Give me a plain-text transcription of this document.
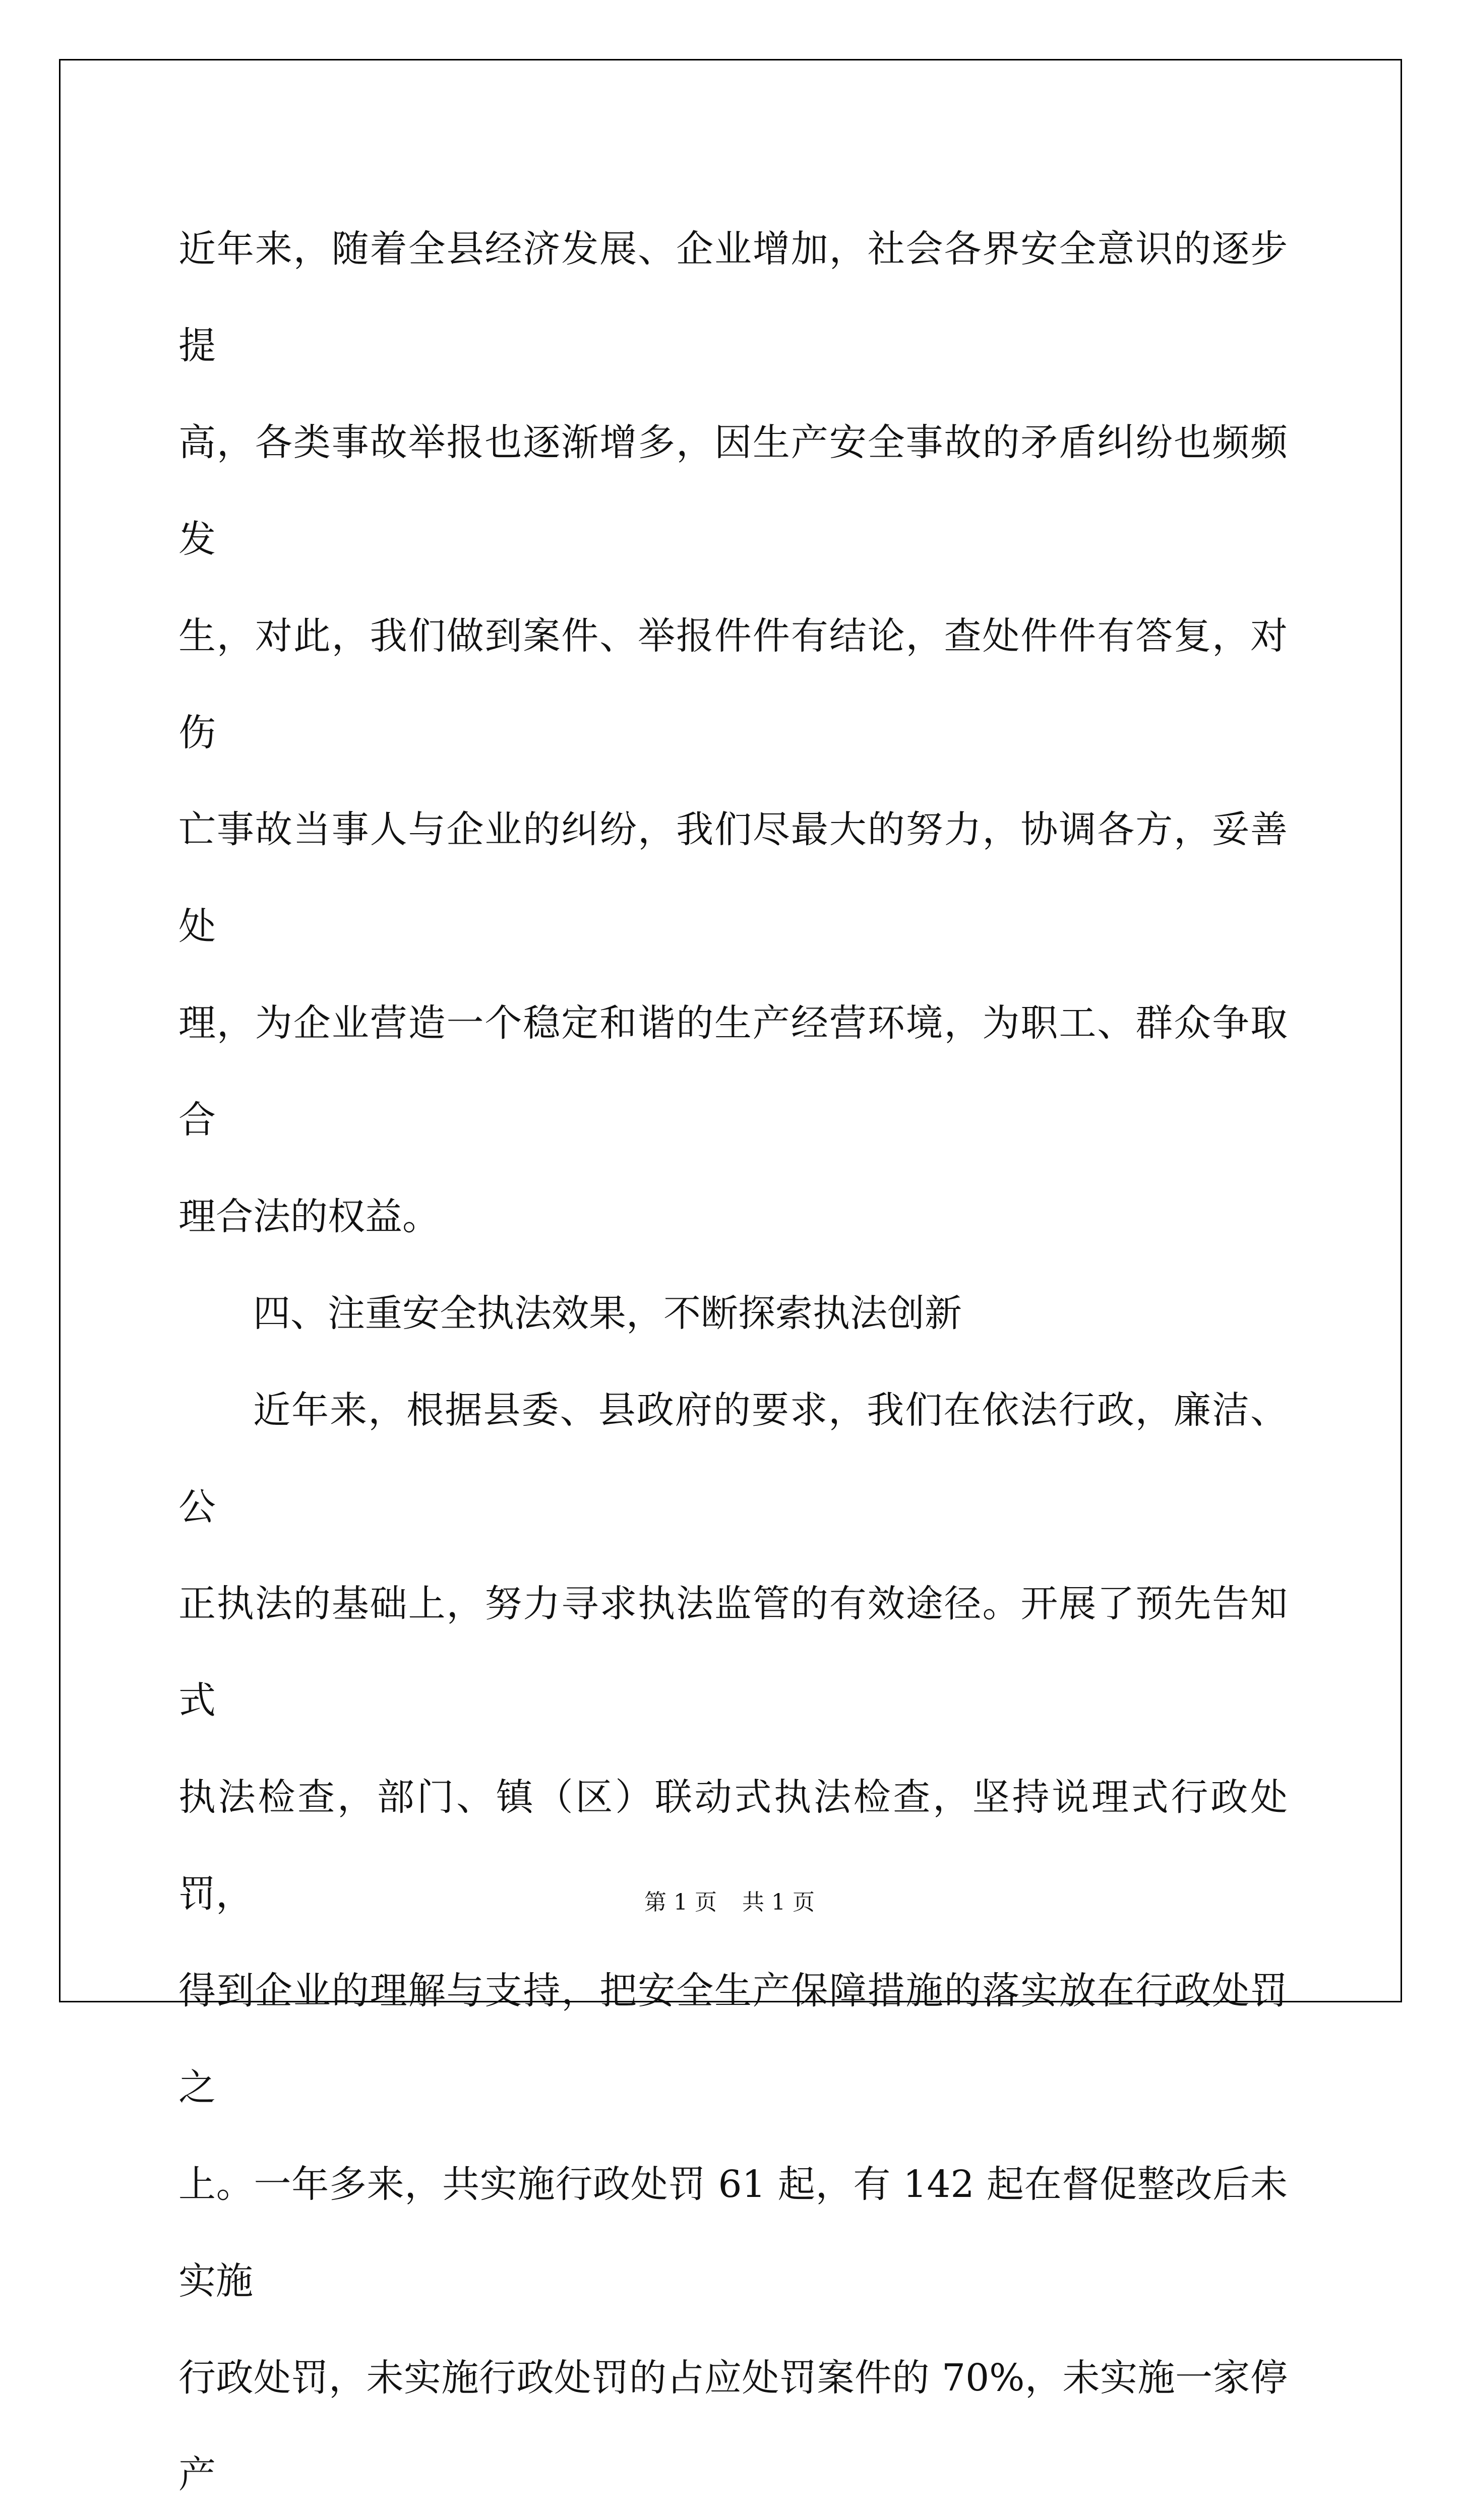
近年来，随着全县经济发展、企业增加，社会各界安全意识的逐步提
高，各类事故举报也逐渐增多，因生产安全事故的矛盾纠纷也频频发
生，对此，我们做到案件、举报件件有结论，查处件件有答复，对伤
亡事故当事人与企业的纠纷，我们尽最大的努力，协调各方，妥善处
理，为企业营造一个稳定和谐的生产经营环境，为职工、群众争取合
理合法的权益。

四、注重安全执法效果，不断探索执法创新

近年来，根据县委、县政府的要求，我们在依法行政，廉洁、公
正执法的基础上，努力寻求执法监管的有效途径。开展了预先告知式
执法检查，部门、镇（区）联动式执法检查，坚持说理式行政处罚，
得到企业的理解与支持，把安全生产保障措施的落实放在行政处罚之
上。一年多来，共实施行政处罚 61 起，有 142 起在督促整改后未实施
行政处罚，未实施行政处罚的占应处罚案件的 70%，未实施一家停产

第 1 页 共 1 页
